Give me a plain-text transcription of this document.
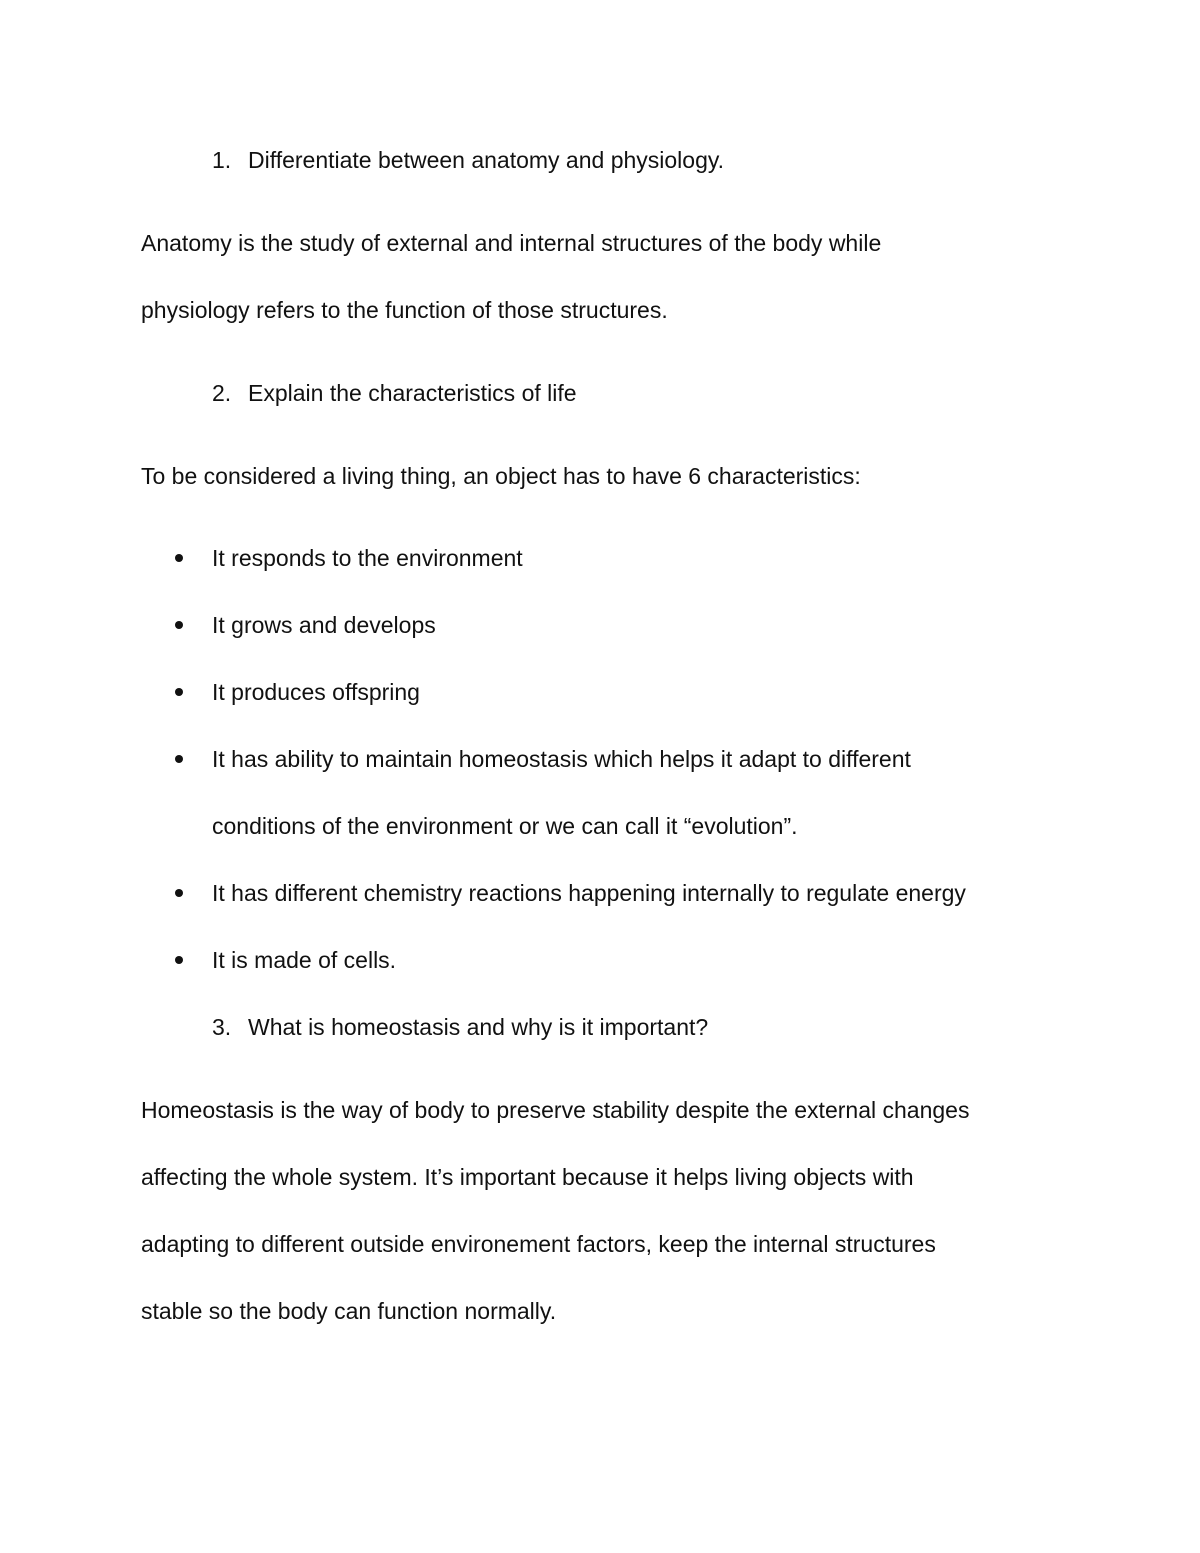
1. Differentiate between anatomy and physiology.
Anatomy is the study of external and internal structures of the body while
physiology refers to the function of those structures.
2. Explain the characteristics of life
To be considered a living thing, an object has to have 6 characteristics:
It responds to the environment
It grows and develops
It produces offspring
It has ability to maintain homeostasis which helps it adapt to different
conditions of the environment or we can call it “evolution”.
It has different chemistry reactions happening internally to regulate energy
It is made of cells.
3. What is homeostasis and why is it important?
Homeostasis is the way of body to preserve stability despite the external changes
affecting the whole system. It’s important because it helps living objects with
adapting to different outside environement factors, keep the internal structures
stable so the body can function normally.
